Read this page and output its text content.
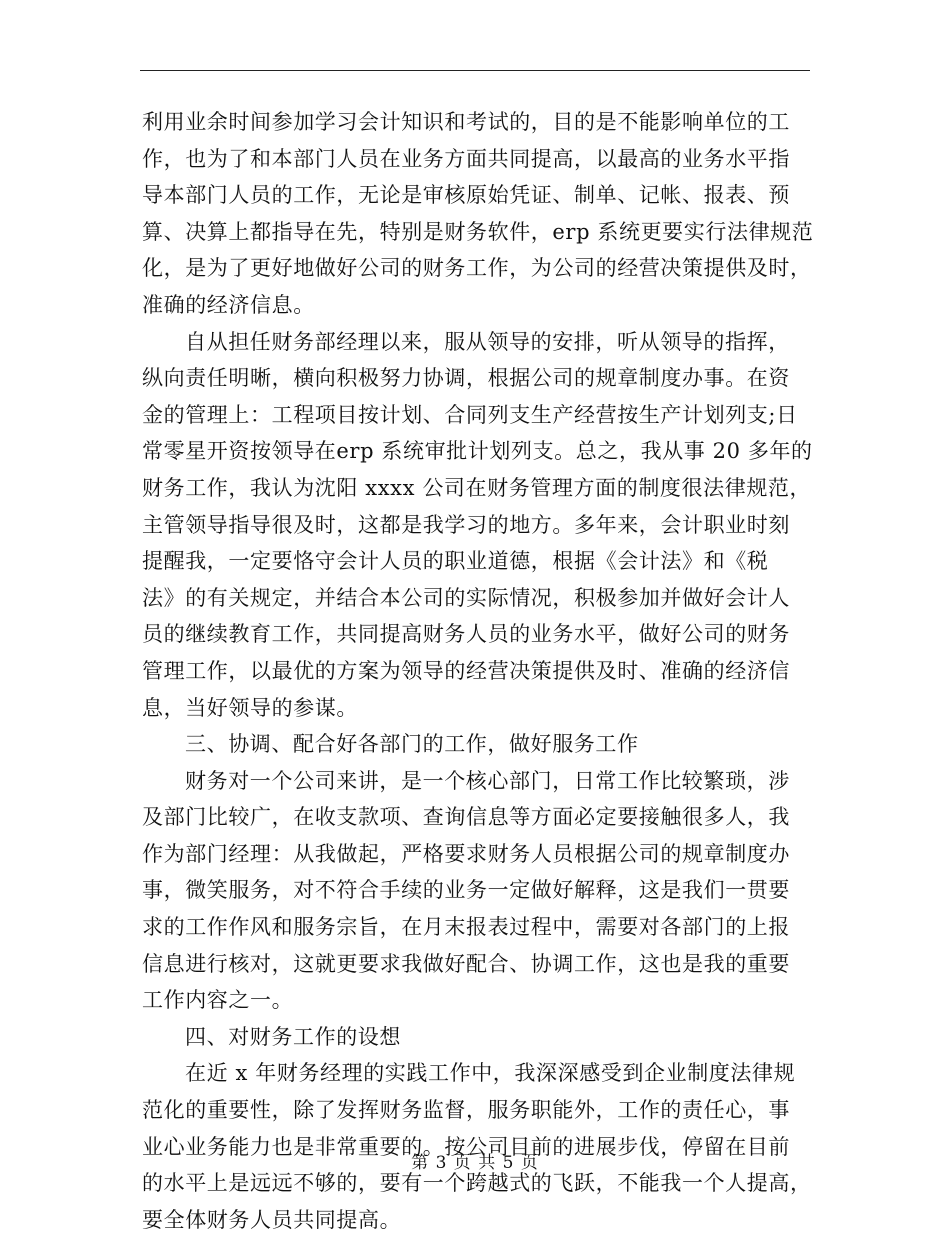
利用业余时间参加学习会计知识和考试的，目的是不能影响单位的工
作，也为了和本部门人员在业务方面共同提高，以最高的业务水平指
导本部门人员的工作，无论是审核原始凭证、制单、记帐、报表、预
算、决算上都指导在先，特别是财务软件，erp 系统更要实行法律规范
化，是为了更好地做好公司的财务工作，为公司的经营决策提供及时，
准确的经济信息。
自从担任财务部经理以来，服从领导的安排，听从领导的指挥，
纵向责任明晰，横向积极努力协调，根据公司的规章制度办事。在资
金的管理上：工程项目按计划、合同列支生产经营按生产计划列支;日
常零星开资按领导在erp 系统审批计划列支。总之，我从事 20 多年的
财务工作，我认为沈阳 xxxx 公司在财务管理方面的制度很法律规范，
主管领导指导很及时，这都是我学习的地方。多年来，会计职业时刻
提醒我，一定要恪守会计人员的职业道德，根据《会计法》和《税
法》的有关规定，并结合本公司的实际情况，积极参加并做好会计人
员的继续教育工作，共同提高财务人员的业务水平，做好公司的财务
管理工作，以最优的方案为领导的经营决策提供及时、准确的经济信
息，当好领导的参谋。
三、协调、配合好各部门的工作，做好服务工作
财务对一个公司来讲，是一个核心部门，日常工作比较繁琐，涉
及部门比较广，在收支款项、查询信息等方面必定要接触很多人，我
作为部门经理：从我做起，严格要求财务人员根据公司的规章制度办
事，微笑服务，对不符合手续的业务一定做好解释，这是我们一贯要
求的工作作风和服务宗旨，在月末报表过程中，需要对各部门的上报
信息进行核对，这就更要求我做好配合、协调工作，这也是我的重要
工作内容之一。
四、对财务工作的设想
在近 x 年财务经理的实践工作中，我深深感受到企业制度法律规
范化的重要性，除了发挥财务监督，服务职能外，工作的责任心，事
业心业务能力也是非常重要的。按公司目前的进展步伐，停留在目前
的水平上是远远不够的，要有一个跨越式的飞跃，不能我一个人提高，
要全体财务人员共同提高。
第 3 页 共 5 页
